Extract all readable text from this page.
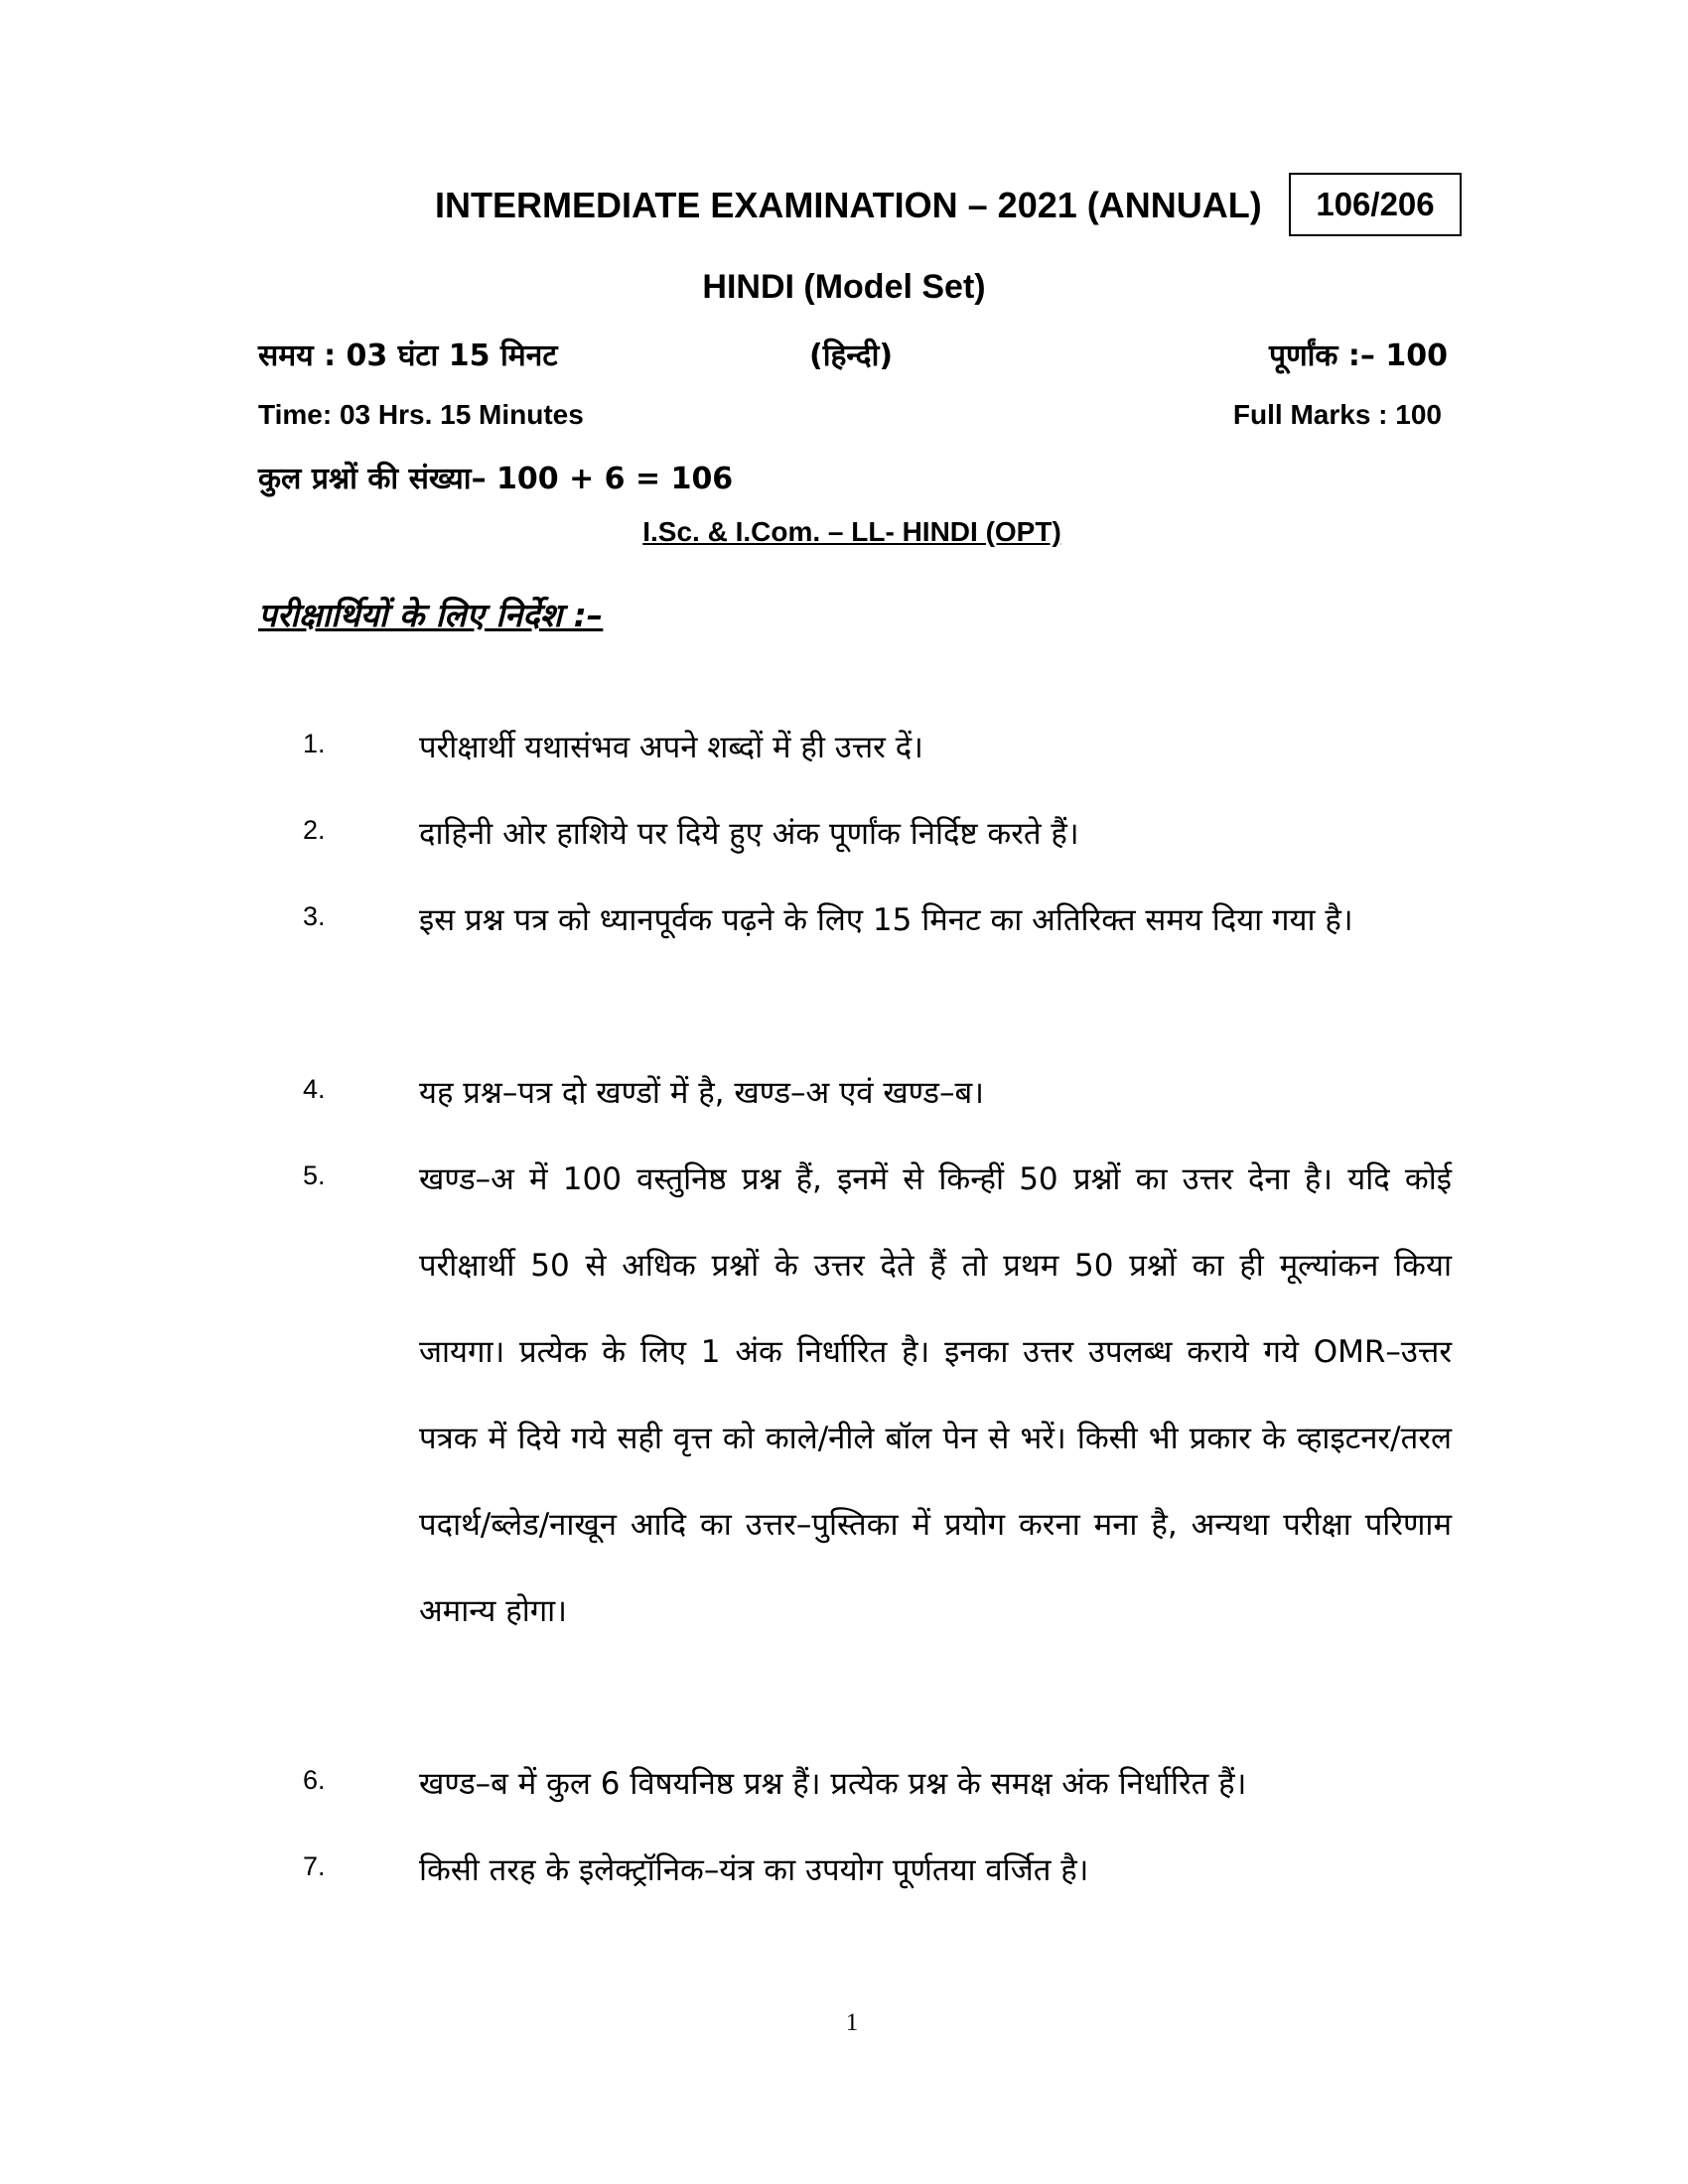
INTERMEDIATE EXAMINATION – 2021 (ANNUAL) 106/206
HINDI (Model Set)
समय : 03 घंटा 15 मिनट	(हिन्दी)	पूर्णांक :– 100
Time: 03 Hrs. 15 Minutes	Full Marks : 100
कुल प्रश्नों की संख्या– 100 + 6 = 106
I.Sc. & I.Com. – LL- HINDI (OPT)
परीक्षार्थियों के लिए निर्देश :–
1.	परीक्षार्थी यथासंभव अपने शब्दों में ही उत्तर दें।
2.	दाहिनी ओर हाशिये पर दिये हुए अंक पूर्णांक निर्दिष्ट करते हैं।
3.	इस प्रश्न पत्र को ध्यानपूर्वक पढ़ने के लिए 15 मिनट का अतिरिक्त समय दिया गया है।
4.	यह प्रश्न–पत्र दो खण्डों में है, खण्ड–अ एवं खण्ड–ब।
5.	खण्ड–अ में 100 वस्तुनिष्ठ प्रश्न हैं, इनमें से किन्हीं 50 प्रश्नों का उत्तर देना है। यदि कोई परीक्षार्थी 50 से अधिक प्रश्नों के उत्तर देते हैं तो प्रथम 50 प्रश्नों का ही मूल्यांकन किया जायगा। प्रत्येक के लिए 1 अंक निर्धारित है। इनका उत्तर उपलब्ध कराये गये OMR–उत्तर पत्रक में दिये गये सही वृत्त को काले/नीले बॉल पेन से भरें। किसी भी प्रकार के व्हाइटनर/तरल पदार्थ/ब्लेड/नाखून आदि का उत्तर–पुस्तिका में प्रयोग करना मना है, अन्यथा परीक्षा परिणाम अमान्य होगा।
6.	खण्ड–ब में कुल 6 विषयनिष्ठ प्रश्न हैं। प्रत्येक प्रश्न के समक्ष अंक निर्धारित हैं।
7.	किसी तरह के इलेक्ट्रॉनिक–यंत्र का उपयोग पूर्णतया वर्जित है।
1
